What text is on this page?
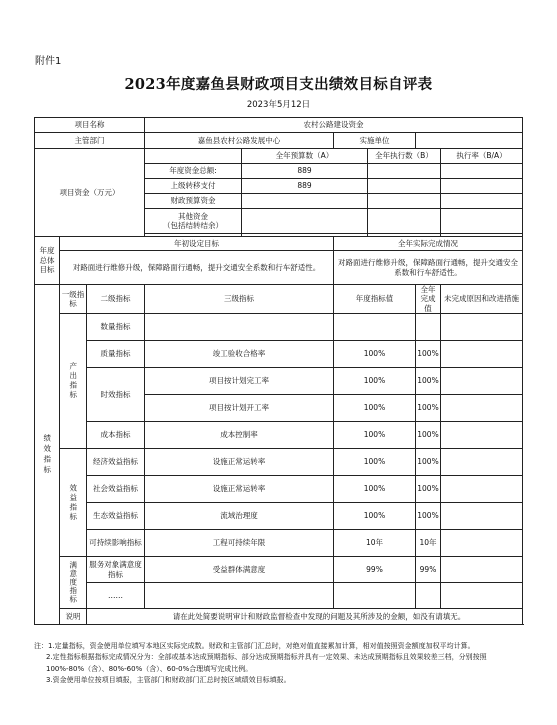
附件1
2023年度嘉鱼县财政项目支出绩效目标自评表
2023年5月12日
项目名称			农村公路建设资金					
主管部门			嘉鱼县农村公路发展中心		实施单位			
项目资金（万元）				全年预算数（A）		全年执行数（B）		执行率（B/A）
			年度资金总额:	889				
			上级转移支付	889				
			财政预算资金					

			其他资金
（包括结转结余）					

年度
总体
目标	年初设定目标				全年实际完成情况			
	对路面进行维修升级，保障路面行通畅，提升交通安全系数和行车舒适性。				对路面进行维修升级，保障路面行通畅，提升交通安全系数和行车舒适性。			
绩效指标	一级指标	二级指标	三级指标		年度指标值		全年完成值	未完成原因和改进措施
	产出指标	数量指标						
		质量指标	竣工验收合格率		100%		100%	
		时效指标	项目按计划完工率		100%		100%	
			项目按计划开工率		100%		100%	
		成本指标	成本控制率		100%		100%	
	效益指标	经济效益指标	设施正常运转率		100%		100%	
		社会效益指标	设施正常运转率		100%		100%	
		生态效益指标	流域治理度		100%		100%	
		可持续影响指标	工程可持续年限		10年		10年	
	满意度指标	服务对象满意度指标	受益群体满意度		99%		99%	
		……						
	说明	请在此处简要说明审计和财政监督检查中发现的问题及其所涉及的金额，如没有请填无。						

注：1.定量指标，资金使用单位填写本地区实际完成数。财政和主管部门汇总时，对绝对值直接累加计算，相对值按照资金额度加权平均计算。

2.定性指标根据指标完成情况分为：全部或基本达成预期指标、部分达成预期指标并具有一定效果、未达成预期指标且效果较差三档，分别按照100%-80%（含）、80%-60%（含）、60-0%合理填写完成比例。

3.资金使用单位按项目填报，主管部门和财政部门汇总时按区域绩效目标填报。
